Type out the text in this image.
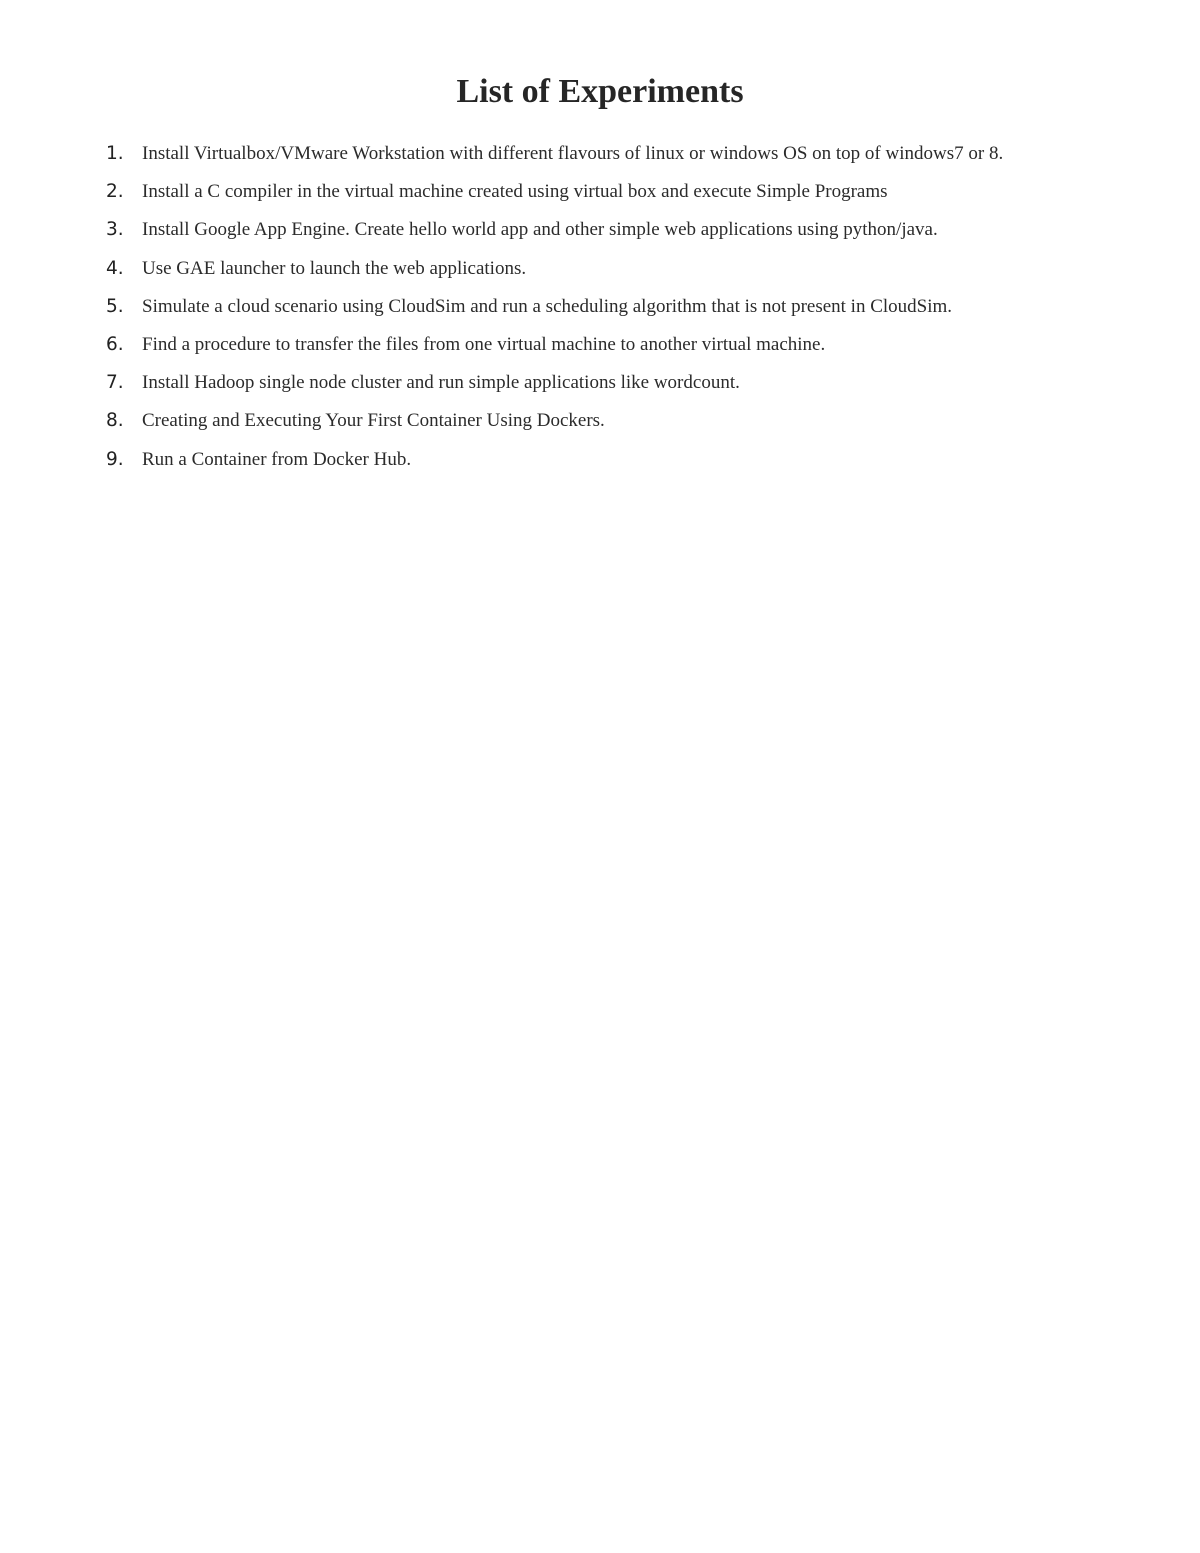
List of Experiments
1. Install Virtualbox/VMware Workstation with different flavours of linux or windows OS on top of windows7 or 8.
2. Install a C compiler in the virtual machine created using virtual box and execute Simple Programs
3. Install Google App Engine. Create hello world app and other simple web applications using python/java.
4. Use GAE launcher to launch the web applications.
5. Simulate a cloud scenario using CloudSim and run a scheduling algorithm that is not present in CloudSim.
6. Find a procedure to transfer the files from one virtual machine to another virtual machine.
7. Install Hadoop single node cluster and run simple applications like wordcount.
8. Creating and Executing Your First Container Using Dockers.
9. Run a Container from Docker Hub.
